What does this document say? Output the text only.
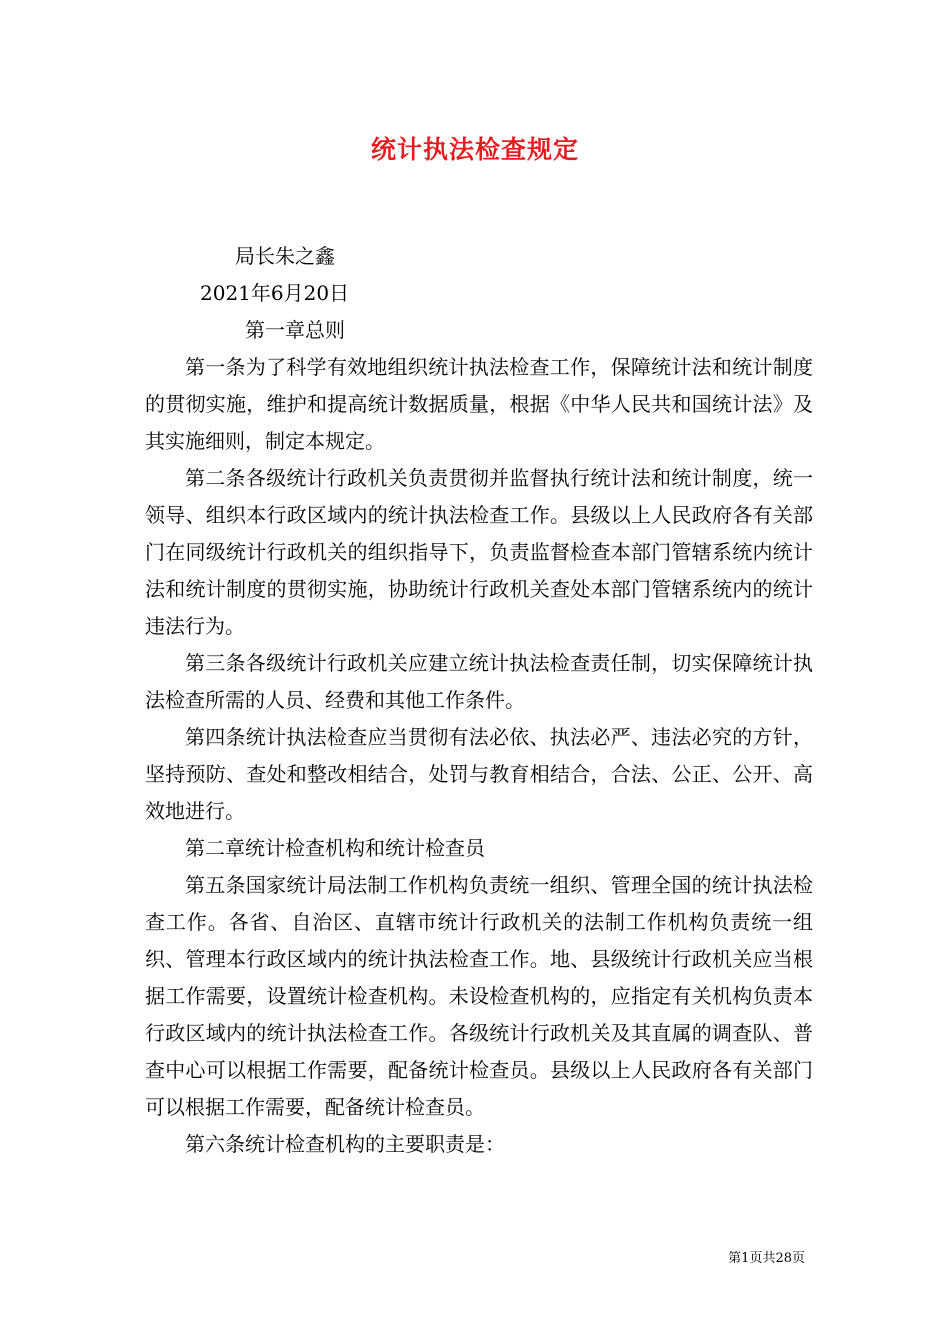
统计执法检查规定

局长朱之鑫

2021年6月20日

第一章总则

第一条为了科学有效地组织统计执法检查工作，保障统计法和统计制度的贯彻实施，维护和提高统计数据质量，根据《中华人民共和国统计法》及其实施细则，制定本规定。

第二条各级统计行政机关负责贯彻并监督执行统计法和统计制度，统一领导、组织本行政区域内的统计执法检查工作。县级以上人民政府各有关部门在同级统计行政机关的组织指导下，负责监督检查本部门管辖系统内统计法和统计制度的贯彻实施，协助统计行政机关查处本部门管辖系统内的统计违法行为。

第三条各级统计行政机关应建立统计执法检查责任制，切实保障统计执法检查所需的人员、经费和其他工作条件。

第四条统计执法检查应当贯彻有法必依、执法必严、违法必究的方针，坚持预防、查处和整改相结合，处罚与教育相结合，合法、公正、公开、高效地进行。

第二章统计检查机构和统计检查员

第五条国家统计局法制工作机构负责统一组织、管理全国的统计执法检查工作。各省、自治区、直辖市统计行政机关的法制工作机构负责统一组织、管理本行政区域内的统计执法检查工作。地、县级统计行政机关应当根据工作需要，设置统计检查机构。未设检查机构的，应指定有关机构负责本行政区域内的统计执法检查工作。各级统计行政机关及其直属的调查队、普查中心可以根据工作需要，配备统计检查员。县级以上人民政府各有关部门可以根据工作需要，配备统计检查员。

第六条统计检查机构的主要职责是：

第1页共28页
